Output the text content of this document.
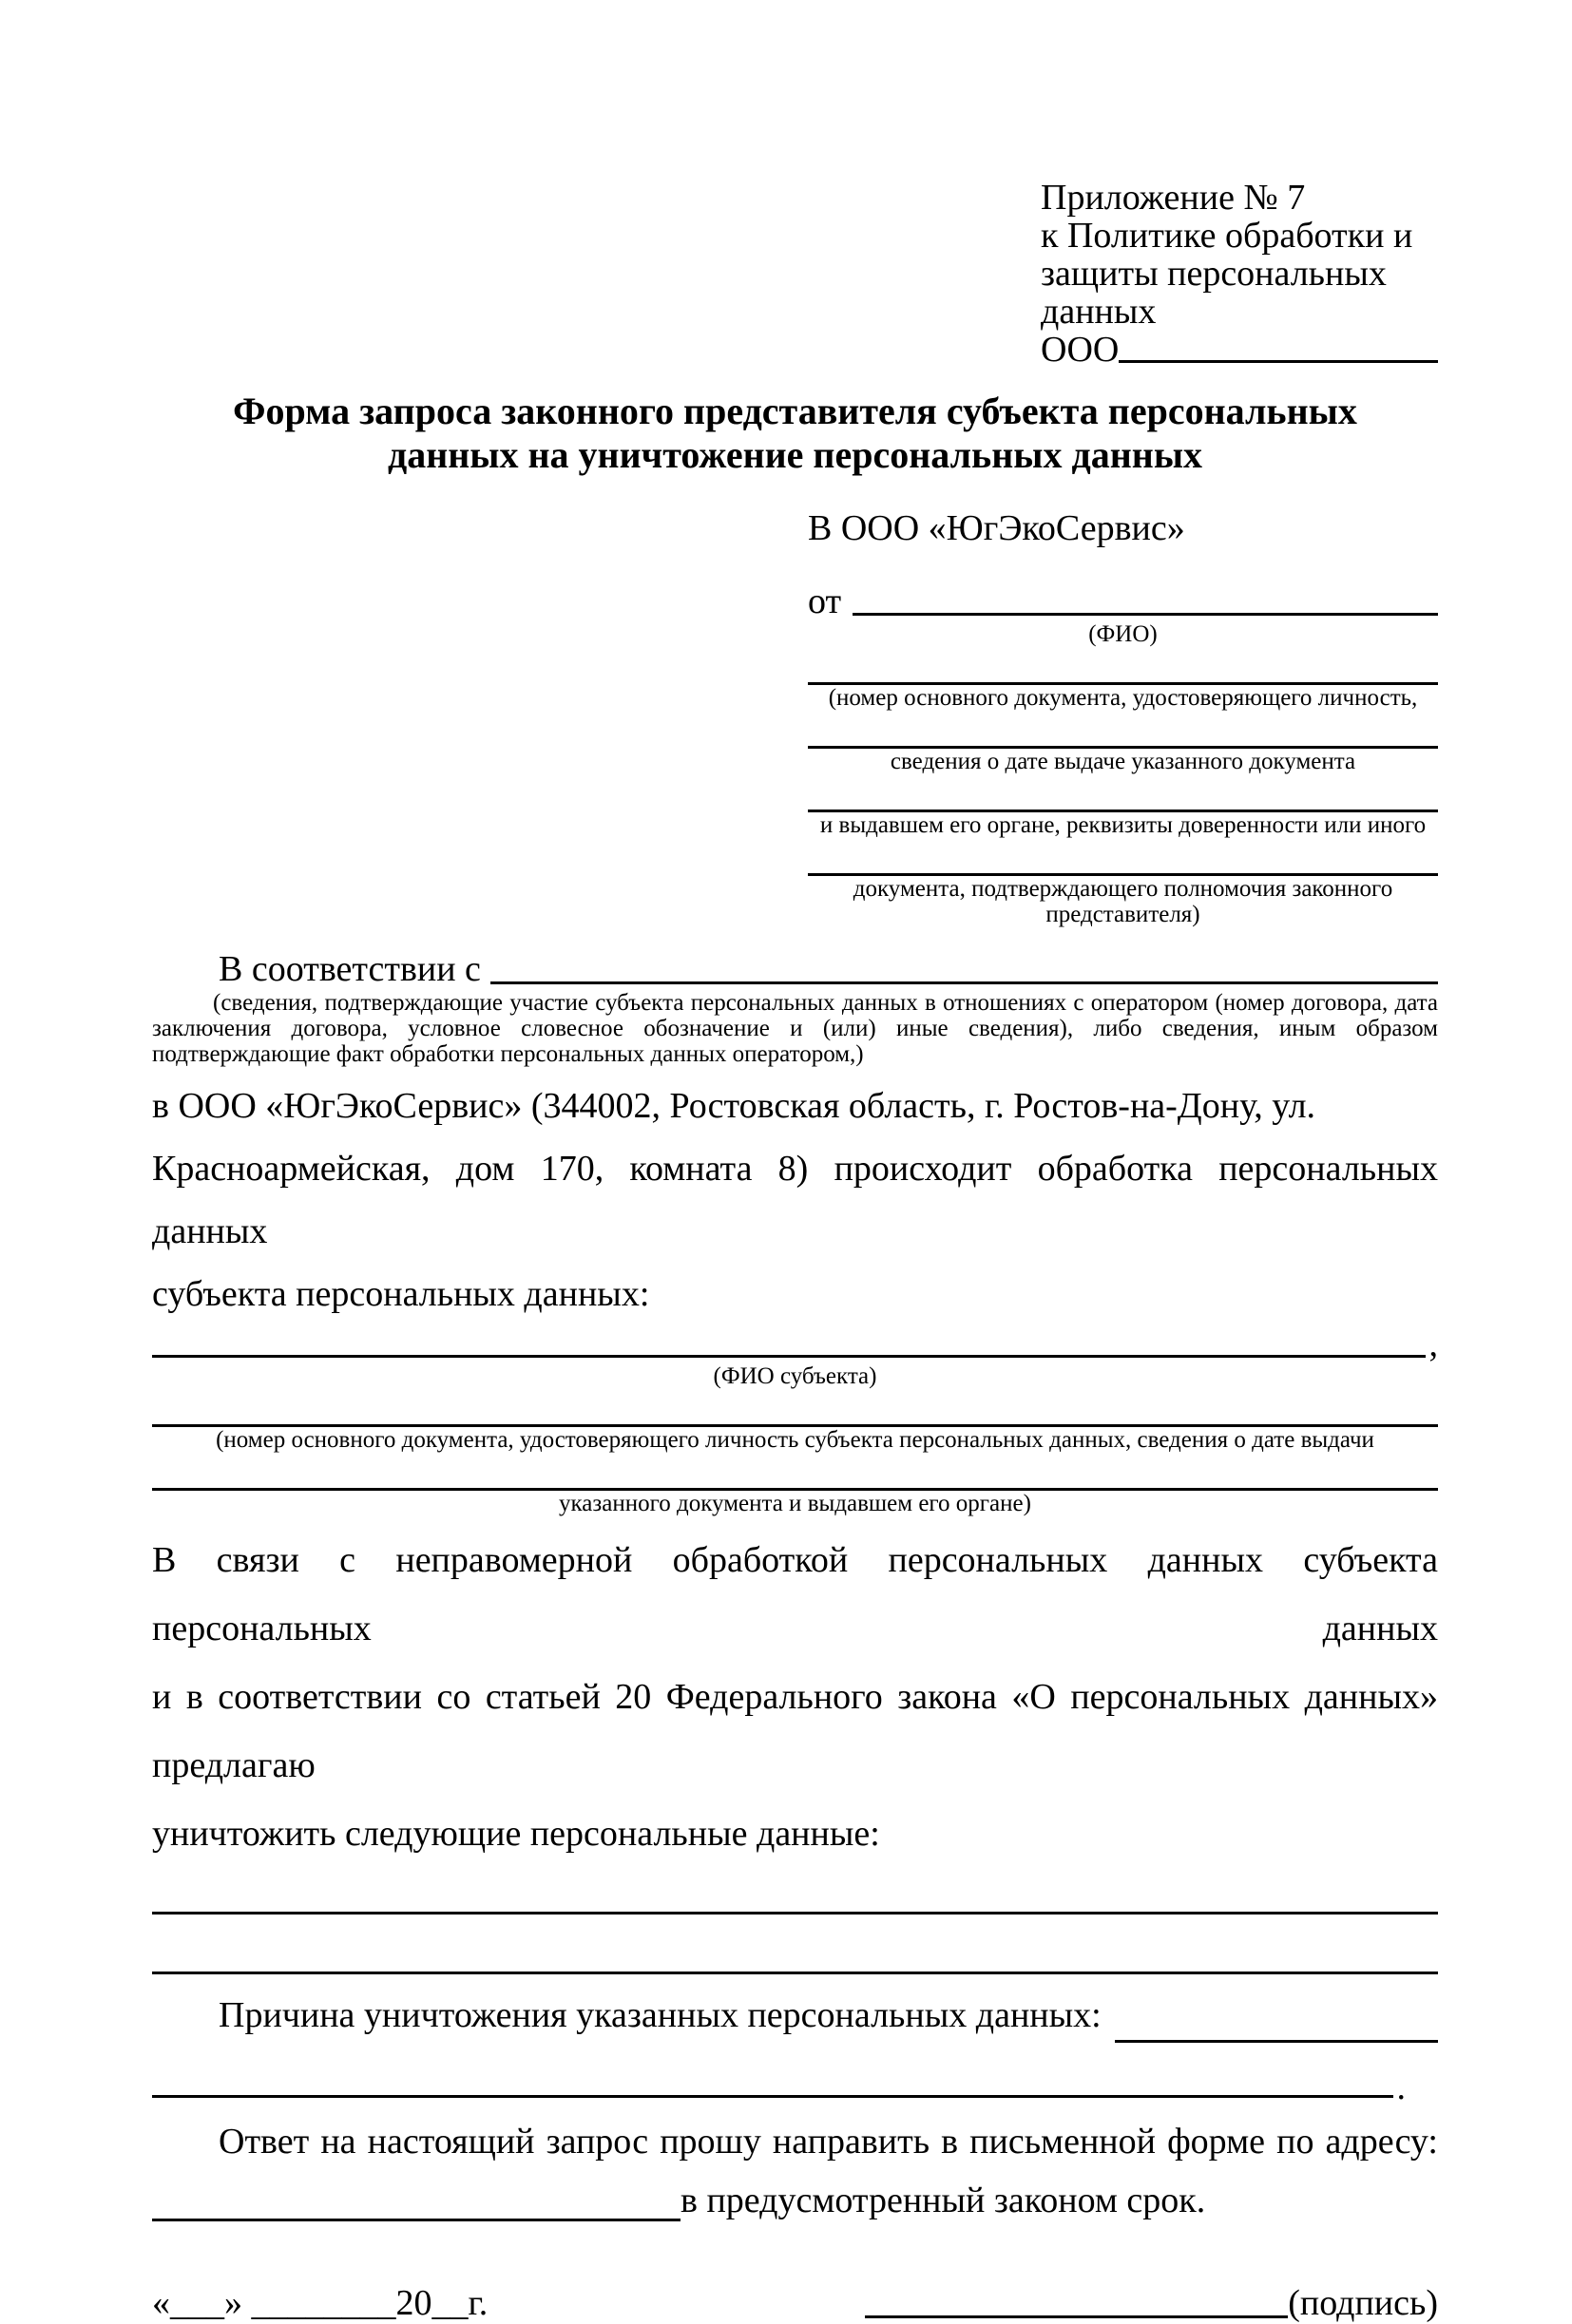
Приложение № 7
к Политике обработки и
защиты персональных данных
ООО
Форма запроса законного представителя субъекта персональных
данных на уничтожение персональных данных
В ООО «ЮгЭкоСервис»
от
(ФИО)
(номер основного документа, удостоверяющего личность,
сведения о дате выдаче указанного документа
и выдавшем его органе, реквизиты доверенности или иного
документа, подтверждающего полномочия законного представителя)
В соответствии с
(сведения, подтверждающие участие субъекта персональных данных в отношениях с оператором (номер договора, дата заключения договора, условное словесное обозначение и (или) иные сведения), либо сведения, иным образом подтверждающие факт обработки персональных данных оператором,)
в ООО «ЮгЭкоСервис» (344002, Ростовская область, г. Ростов-на-Дону, ул.
Красноармейская, дом 170, комната 8) происходит обработка персональных данных
субъекта персональных данных:
,
(ФИО субъекта)
(номер основного документа, удостоверяющего личность субъекта персональных данных, сведения о дате выдачи
указанного документа и выдавшем его органе)
В связи с неправомерной обработкой персональных данных субъекта персональных данных
и в соответствии со статьей 20 Федерального закона «О персональных данных» предлагаю
уничтожить следующие персональные данные:
Причина уничтожения указанных персональных данных:
.
Ответ на настоящий запрос прошу направить в письменной форме по адресу:
в предусмотренный законом срок.
«___» ________20__г.	(подпись)
